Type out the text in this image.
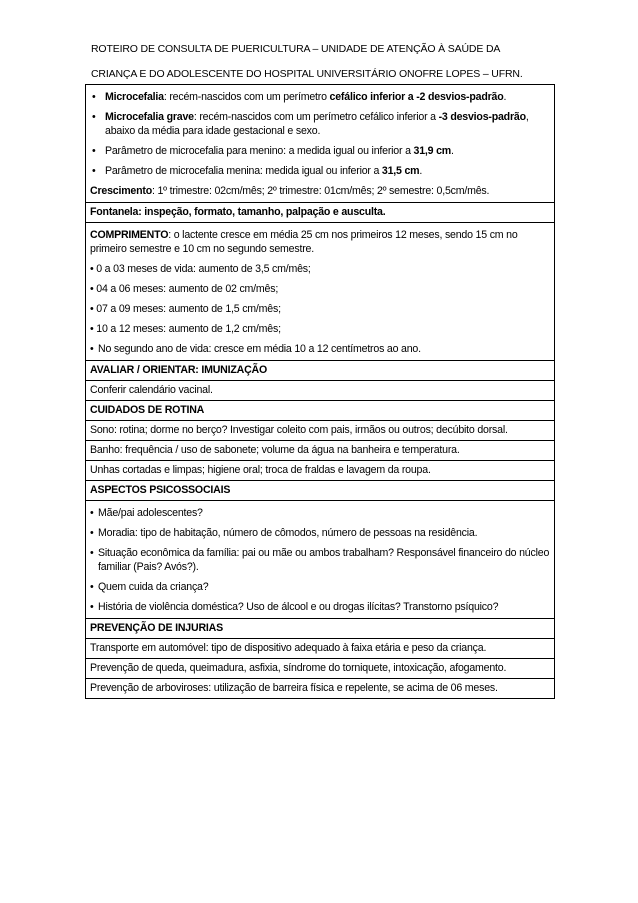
ROTEIRO DE CONSULTA DE PUERICULTURA – UNIDADE DE ATENÇÃO À SAÚDE DA
CRIANÇA E DO ADOLESCENTE DO HOSPITAL UNIVERSITÁRIO ONOFRE LOPES – UFRN.
• Microcefalia: recém-nascidos com um perímetro cefálico inferior a -2 desvios-padrão.
• Microcefalia grave: recém-nascidos com um perímetro cefálico inferior a -3 desvios-padrão, abaixo da média para idade gestacional e sexo.
• Parâmetro de microcefalia para menino: a medida igual ou inferior a 31,9 cm.
• Parâmetro de microcefalia menina: medida igual ou inferior a 31,5 cm.
Crescimento: 1º trimestre: 02cm/mês; 2º trimestre: 01cm/mês; 2º semestre: 0,5cm/mês.
Fontanela: inspeção, formato, tamanho, palpação e ausculta.
COMPRIMENTO: o lactente cresce em média 25 cm nos primeiros 12 meses, sendo 15 cm no primeiro semestre e 10 cm no segundo semestre.
• 0 a 03 meses de vida: aumento de 3,5 cm/mês;
• 04 a 06 meses: aumento de 02 cm/mês;
• 07 a 09 meses: aumento de 1,5 cm/mês;
• 10 a 12 meses: aumento de 1,2 cm/mês;
• No segundo ano de vida: cresce em média 10 a 12 centímetros ao ano.
AVALIAR / ORIENTAR: IMUNIZAÇÃO
Conferir calendário vacinal.
CUIDADOS DE ROTINA
Sono: rotina; dorme no berço? Investigar coleito com pais, irmãos ou outros; decúbito dorsal.
Banho: frequência / uso de sabonete; volume da água na banheira e temperatura.
Unhas cortadas e limpas; higiene oral; troca de fraldas e lavagem da roupa.
ASPECTOS PSICOSSOCIAIS
• Mãe/pai adolescentes?
• Moradia: tipo de habitação, número de cômodos, número de pessoas na residência.
• Situação econômica da família: pai ou mãe ou ambos trabalham? Responsável financeiro do núcleo familiar (Pais? Avós?).
• Quem cuida da criança?
• História de violência doméstica? Uso de álcool e ou drogas ilícitas? Transtorno psíquico?
PREVENÇÃO DE INJURIAS
Transporte em automóvel: tipo de dispositivo adequado à faixa etária e peso da criança.
Prevenção de queda, queimadura, asfixia, síndrome do torniquete, intoxicação, afogamento.
Prevenção de arboviroses: utilização de barreira física e repelente, se acima de 06 meses.
